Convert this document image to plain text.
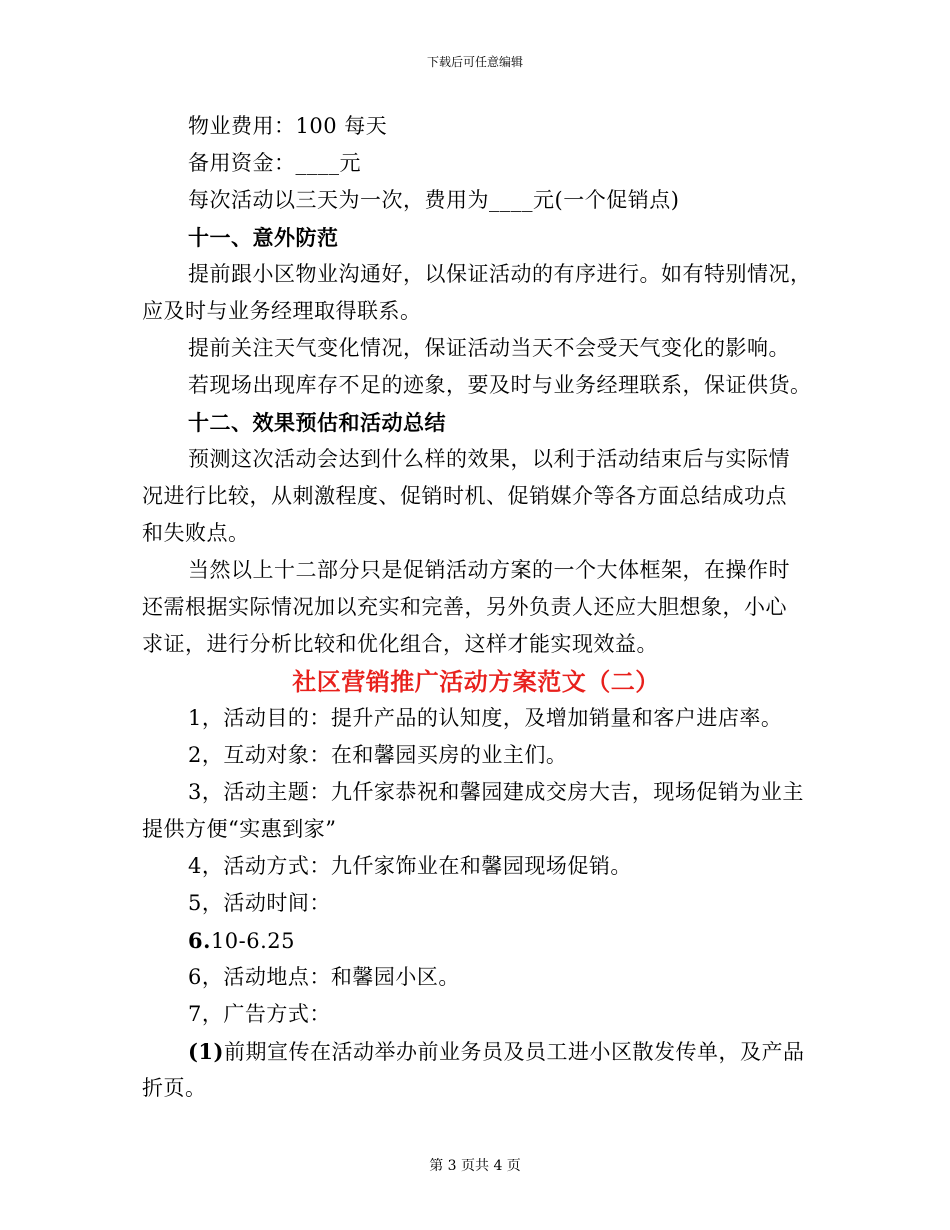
下载后可任意编辑
物业费用：100 每天
备用资金：____元
每次活动以三天为一次，费用为____元(一个促销点)
十一、意外防范
提前跟小区物业沟通好，以保证活动的有序进行。如有特别情况，
应及时与业务经理取得联系。
提前关注天气变化情况，保证活动当天不会受天气变化的影响。
若现场出现库存不足的迹象，要及时与业务经理联系，保证供货。
十二、效果预估和活动总结
预测这次活动会达到什么样的效果，以利于活动结束后与实际情
况进行比较，从刺激程度、促销时机、促销媒介等各方面总结成功点
和失败点。
当然以上十二部分只是促销活动方案的一个大体框架，在操作时
还需根据实际情况加以充实和完善，另外负责人还应大胆想象，小心
求证，进行分析比较和优化组合，这样才能实现效益。
社区营销推广活动方案范文（二）
1，活动目的：提升产品的认知度，及增加销量和客户进店率。
2，互动对象：在和馨园买房的业主们。
3，活动主题：九仟家恭祝和馨园建成交房大吉，现场促销为业主
提供方便“实惠到家”
4，活动方式：九仟家饰业在和馨园现场促销。
5，活动时间：
6.10-6.25
6，活动地点：和馨园小区。
7，广告方式：
(1)前期宣传在活动举办前业务员及员工进小区散发传单，及产品
折页。
第 3 页共 4 页
